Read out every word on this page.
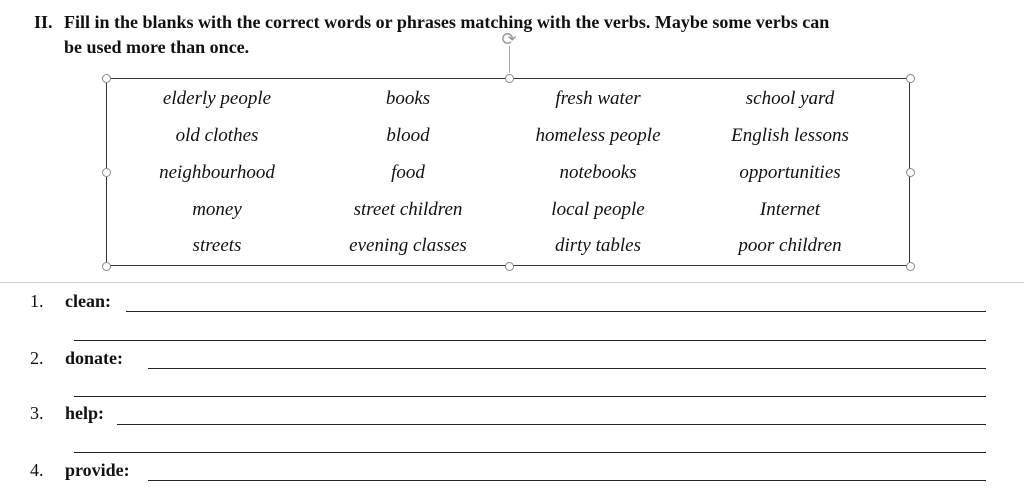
II. Fill in the blanks with the correct words or phrases matching with the verbs. Maybe some verbs can
be used more than once.	⟳
elderly people	books	fresh water	school yard
old clothes	blood	homeless people	English lessons
neighbourhood	food	notebooks	opportunities
money	street children	local people	Internet
streets	evening classes	dirty tables	poor children
1. clean:
2. donate:
3. help:
4. provide:
